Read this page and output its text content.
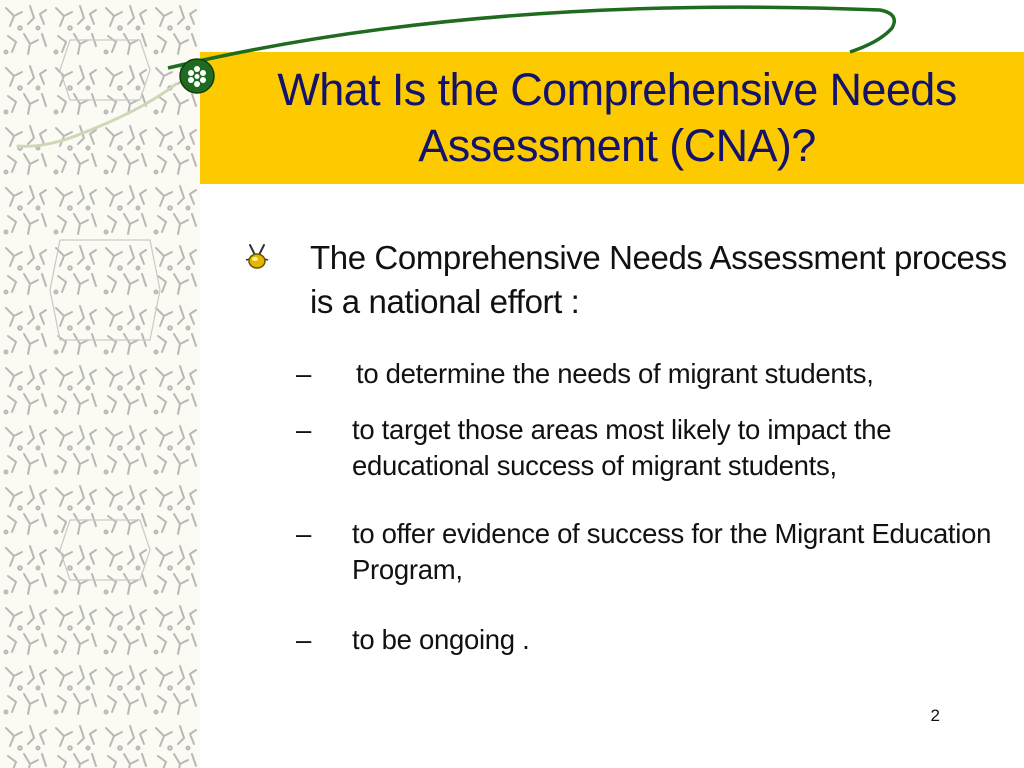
What Is the Comprehensive Needs Assessment (CNA)?
The Comprehensive Needs Assessment process is a national effort :
–	to determine the needs of migrant students,
–	to target those areas most likely to impact the educational success of migrant students,
–	to offer evidence of success for the Migrant Education Program,
–	to be ongoing .
2
